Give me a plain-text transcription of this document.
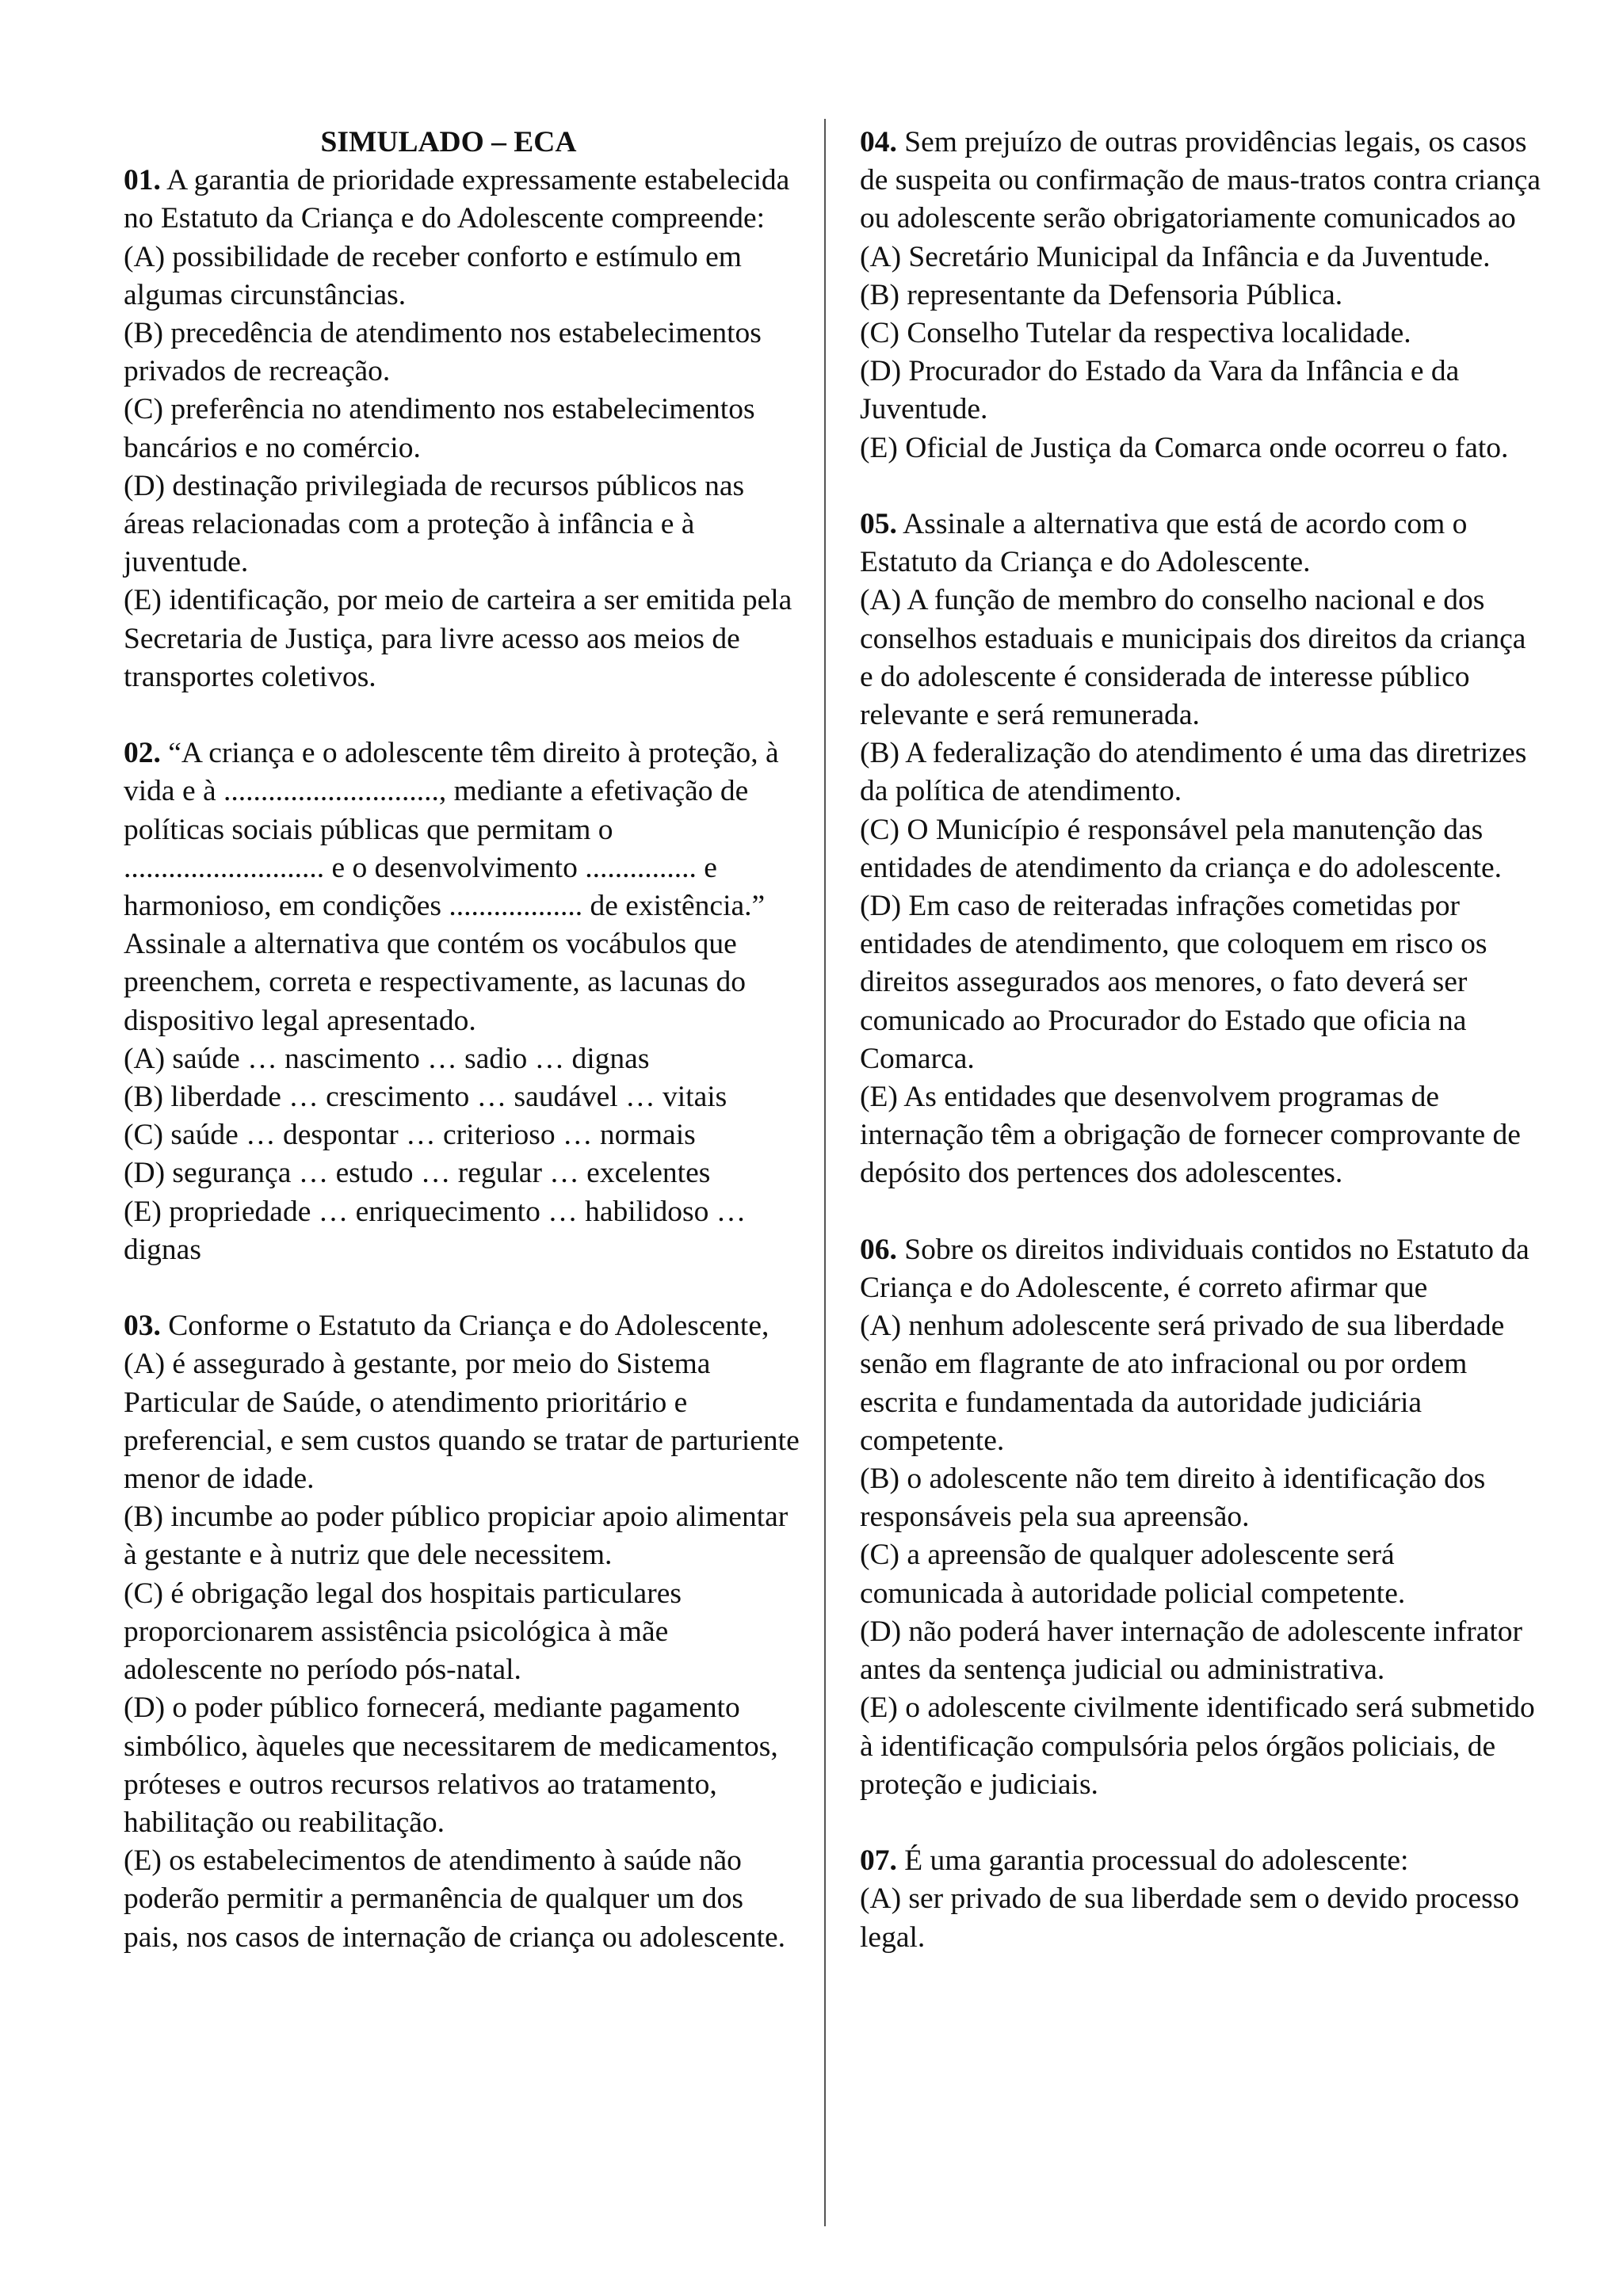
SIMULADO – ECA
01. A garantia de prioridade expressamente estabelecida no Estatuto da Criança e do Adolescente compreende:
(A) possibilidade de receber conforto e estímulo em algumas circunstâncias.
(B) precedência de atendimento nos estabelecimentos privados de recreação.
(C) preferência no atendimento nos estabelecimentos bancários e no comércio.
(D) destinação privilegiada de recursos públicos nas áreas relacionadas com a proteção à infância e à juventude.
(E) identificação, por meio de carteira a ser emitida pela Secretaria de Justiça, para livre acesso aos meios de transportes coletivos.
02. “A criança e o adolescente têm direito à proteção, à vida e à ............................., mediante a efetivação de políticas sociais públicas que permitam o ........................... e o desenvolvimento ............... e harmonioso, em condições .................. de existência.”
Assinale a alternativa que contém os vocábulos que preenchem, correta e respectivamente, as lacunas do dispositivo legal apresentado.
(A) saúde … nascimento … sadio … dignas
(B) liberdade … crescimento … saudável … vitais
(C) saúde … despontar … criterioso … normais
(D) segurança … estudo … regular … excelentes
(E) propriedade … enriquecimento … habilidoso … dignas
03. Conforme o Estatuto da Criança e do Adolescente,
(A) é assegurado à gestante, por meio do Sistema Particular de Saúde, o atendimento prioritário e preferencial, e sem custos quando se tratar de parturiente menor de idade.
(B) incumbe ao poder público propiciar apoio alimentar à gestante e à nutriz que dele necessitem.
(C) é obrigação legal dos hospitais particulares proporcionarem assistência psicológica à mãe adolescente no período pós-natal.
(D) o poder público fornecerá, mediante pagamento simbólico, àqueles que necessitarem de medicamentos, próteses e outros recursos relativos ao tratamento, habilitação ou reabilitação.
(E) os estabelecimentos de atendimento à saúde não poderão permitir a permanência de qualquer um dos pais, nos casos de internação de criança ou adolescente.
04. Sem prejuízo de outras providências legais, os casos de suspeita ou confirmação de maus-tratos contra criança ou adolescente serão obrigatoriamente comunicados ao
(A) Secretário Municipal da Infância e da Juventude.
(B) representante da Defensoria Pública.
(C) Conselho Tutelar da respectiva localidade.
(D) Procurador do Estado da Vara da Infância e da Juventude.
(E) Oficial de Justiça da Comarca onde ocorreu o fato.
05. Assinale a alternativa que está de acordo com o Estatuto da Criança e do Adolescente.
(A) A função de membro do conselho nacional e dos conselhos estaduais e municipais dos direitos da criança e do adolescente é considerada de interesse público relevante e será remunerada.
(B) A federalização do atendimento é uma das diretrizes da política de atendimento.
(C) O Município é responsável pela manutenção das entidades de atendimento da criança e do adolescente.
(D) Em caso de reiteradas infrações cometidas por entidades de atendimento, que coloquem em risco os direitos assegurados aos menores, o fato deverá ser comunicado ao Procurador do Estado que oficia na Comarca.
(E) As entidades que desenvolvem programas de internação têm a obrigação de fornecer comprovante de depósito dos pertences dos adolescentes.
06. Sobre os direitos individuais contidos no Estatuto da Criança e do Adolescente, é correto afirmar que
(A) nenhum adolescente será privado de sua liberdade senão em flagrante de ato infracional ou por ordem escrita e fundamentada da autoridade judiciária competente.
(B) o adolescente não tem direito à identificação dos responsáveis pela sua apreensão.
(C) a apreensão de qualquer adolescente será comunicada à autoridade policial competente.
(D) não poderá haver internação de adolescente infrator antes da sentença judicial ou administrativa.
(E) o adolescente civilmente identificado será submetido à identificação compulsória pelos órgãos policiais, de proteção e judiciais.
07. É uma garantia processual do adolescente:
(A) ser privado de sua liberdade sem o devido processo legal.
